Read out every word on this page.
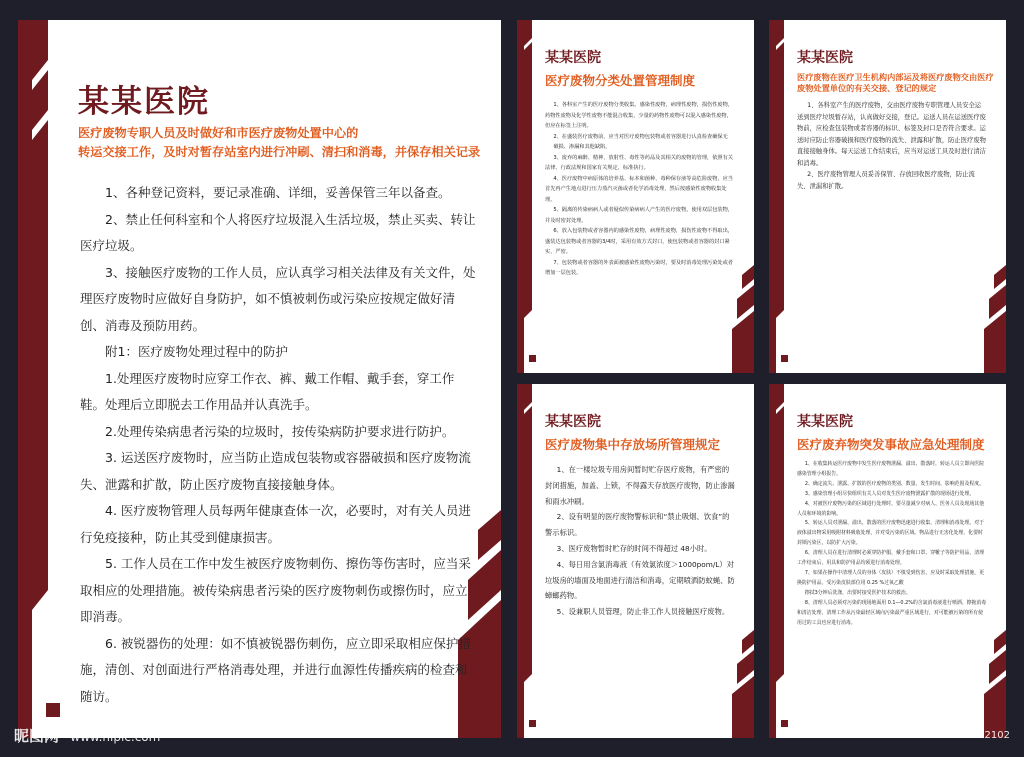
某某医院
医疗废物专职人员及时做好和市医疗废物处置中心的
转运交接工作，及时对暂存站室内进行冲刷、清扫和消毒，并保存相关记录

1、各种登记资料，要记录准确、详细，妥善保管三年以备查。

2、禁止任何科室和个人将医疗垃圾混入生活垃圾，禁止买卖、转让医疗垃圾。

3、接触医疗废物的工作人员，应认真学习相关法律及有关文件，处理医疗废物时应做好自身防护，如不慎被刺伤或污染应按规定做好清创、消毒及预防用药。

附1：医疗废物处理过程中的防护

1.处理医疗废物时应穿工作衣、裤、戴工作帽、戴手套，穿工作鞋。处理后立即脱去工作用品并认真洗手。

2.处理传染病患者污染的垃圾时，按传染病防护要求进行防护。

3. 运送医疗废物时，应当防止造成包装物或容器破损和医疗废物流失、泄露和扩散，防止医疗废物直接接触身体。

4. 医疗废物管理人员每两年健康查体一次，必要时，对有关人员进行免疫接种，防止其受到健康损害。

5. 工作人员在工作中发生被医疗废物刺伤、擦伤等伤害时，应当采取相应的处理措施。被传染病患者污染的医疗废物刺伤或擦伤时，应立即消毒。

6. 被锐器伤的处理：如不慎被锐器伤刺伤，应立即采取相应保护措施，清创、对创面进行严格消毒处理，并进行血源性传播疾病的检查和随访。

某某医院
医疗废物分类处置管理制度

1、各科室产生的医疗废物分类收集。感染性废物，病理性废物，损伤性废物，药物性废物及化学性废物不能混合收集，少量的药物性废物可以混入感染性废物，但应在标签上注明。

2、在盛装医疗废物前，应当对医疗废物包装物或者容器进行认真检查确保无

破损、渗漏和其他缺陷。

3、废弃的麻醉、精神、放射性、毒性等药品及其相关的废物的管理，依照有关法律、行政法规和国家有关规定、标准执行。

4、医疗废物中病原体的培养基、标本和菌种、毒种保存液等高危险废物，应当首先再产生地点进行压力蒸汽灭菌或者化学消毒处理，然后按感染性废物收集处理。

5、隔离的传染病病人或者疑似传染病病人产生的医疗废物，使用双层包装物，并及时密封处理。

6、放入包装物或者容器内的感染性废物，病理性废物，损伤性废物不得取出，盛装达包装物或者容器的3/4时，采用有效方式封口，使包装物或者容器的封口紧实、严密。

7、包装物或者容器的外表面被感染性废物污染时，要及时消毒处理污染处或者增加一层包装。

某某医院
医疗废物在医疗卫生机构内部运及将医疗废物交由医疗废物处置单位的有关交接、登记的规定

1、各科室产生的医疗废物，交由医疗废物专职管理人员安全运送到医疗垃圾暂存站，认真做好交接，登记。运送人员在运送医疗废物前，应检查包装物或者容器的标识、标签及封口是否符合要求。运送时应防止容器破损和医疗废物的流失、泄露和扩散，防止医疗废物直接接触身体。每天运送工作结束后，应当对运送工具及时进行清洁和消毒。

2、医疗废物管理人员妥善保管、存放回收医疗废物，防止流失、泄漏和扩散。

某某医院
医疗废物集中存放场所管理规定

1、在一楼垃圾专用房间暂时贮存医疗废物，有严密的封闭措施，加盖、上锁，不得露天存放医疗废物，防止渗漏和雨水冲刷。

2、设有明显的医疗废物警标识和“禁止吸烟、饮食”的警示标识。

3、医疗废物暂时贮存的时间不得超过 48小时。

4、每日用含氯消毒液（有效氯浓度＞1000pom/L）对垃圾房的墙面及地面进行清洁和消毒，定期喷洒防蚊蝇、防蟑螂药物。

5、设兼职人员管理，防止非工作人员接触医疗废物。

某某医院
医疗废弃物突发事故应急处理制度

1、在收集转运医疗废物中发生医疗废物泄漏、溢出、散落时，转运人员立即向医院感染管理小组报告。

2、确定流失、泄露、扩散的医疗废物的类别、数量、发生时间、影响范围及程度。

3、感染管理小组尽快组织有关人员对发生医疗废物泄露扩散的现场进行处理。

4、对被医疗废物污染的区域进行处理时，要尽量减少对病人、医务人员及现场其他人员和环境的影响。

5、转运人员对泄漏、溢出、散落的医疗废物迅速进行收集，清理和消毒处理。对于液体溢出物采用吸附材料吸收处理，并对受污染的区域、物品进行无害化处理，化要时封锁污染区，以防扩大污染。

6、清理人员在进行清理时必须穿防护服，戴手套和口罩、穿靴子等防护用品，清理工作结束后，用具和防护用品均须进行消毒处理。

7、如果在操作中清理人员的身体（皮肤）不慎受到伤害，应及时采取处理措施，更换防护用品，受污染皮肤部位用 0.25 %过氧乙酸

擦拭3分钟后洗涤，出要时接受医护技术的救治。

8、清理人员必须对污染的现场地面用 0.1—0.2%的含氯消毒液进行喷洒、擦拖消毒和清洁处理，清理工作从污染最轻区域向污染最严重区域进行，对可能被污染的所有使用过的工具也应进行消毒。

昵图网 www.nipic.com	ID:27036153 NO:20230505212829472102
